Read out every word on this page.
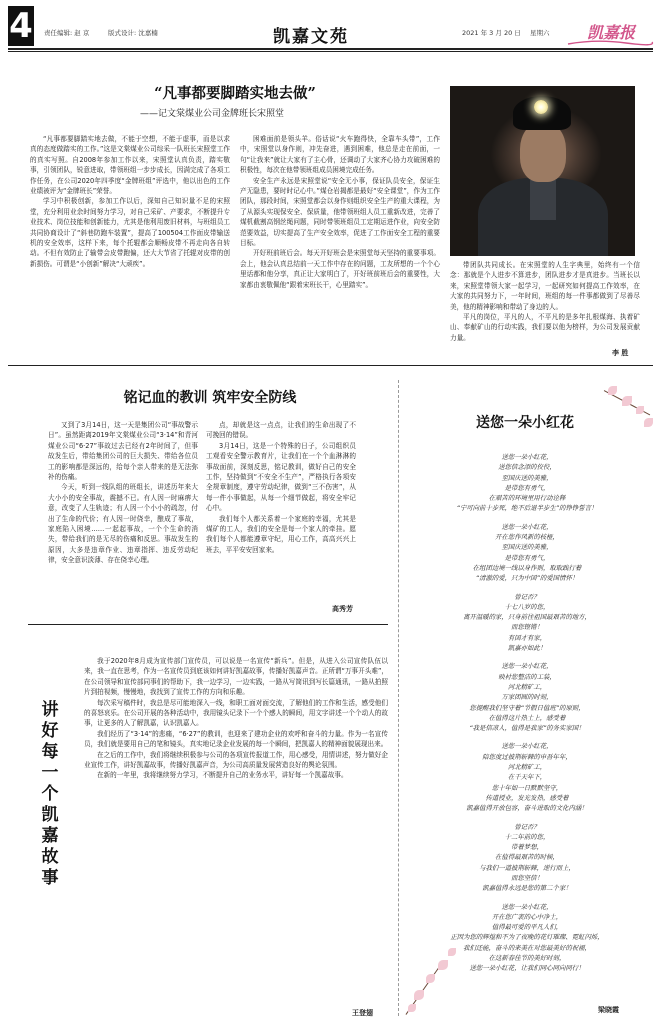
4 责任编辑: 赵 京	版式设计: 沈嘉楠	凯嘉文苑	2021 年 3 月 20 日 星期六	凯嘉报
“凡事都要脚踏实地去做”
——记文棠煤业公司金牌班长宋照堂

“凡事都要脚踏实地去做，不能于空想，不能于虚事，而是以求真的态度做踏实的工作。”这是文棠煤业公司综采一队班长宋照堂工作的真实写照。自2008年参加工作以来，宋照堂认真负责，踏实敬事，引领团队，锐意进取，带领班组一步步成长，因满完成了各项工作任务，在公司2020年四季度“金牌班组”评选中，他以出色的工作业绩被评为“金牌班长”荣誉。

学习中积极创新，参加工作以后，深知自己知识量不足的宋照堂，充分利用业余时间努力学习，对自己采矿、产要求，不断提升专业技术、岗位技能和创新能力，尤其是他利用废旧材料，与班组员工共同协商设计了“斜巷防跑车装置”，提高了100504工作面皮带输送机的安全效率，这样下来，每个托辊都会顺畅皮带不再走向各自转动。不但有效防止了输带会皮带跑偏，还大大节省了托辊对皮带的创新损伤。可谓是“小创新”解决“大顽疾”。

困难面前是领头羊。俗话说“火车跑得快，全靠车头带”，工作中，宋照堂以身作则，冲先奋进，遇到困难，他总是走在前面，一句“让我来”就让大家有了主心骨，还调动了大家齐心协力攻破困难的积极性，每次在他带领班组成员困境完成任务。

安全生产永远是宋照堂说“安全无小事，保证队员安全，保证生产无隐患，要时时记心中。”煤仓岩揭都是最好“安全课堂”，作为工作团队，那段时间，宋照堂都会以身作则组织安全生产的重大课程，为了从源头实现保安全、保质量，他带领班组人员工重新改进，完善了煤机截割高钢丝绳问题，同时带领班组员工定期运进作业，向安全防范要效益，切实提高了生产安全效率，促进了工作面安全工程的重要目标。

开好班前班后会。每天开好班会是宋照堂每天坚持的重要事项。会上，他会认真总结前一天工作中存在的问题，工友所想的一个个心里话都和他分享，真正让大家明白了，开好班前班后会的重要性，大家都由衷敬佩他“跟着宋班长干，心里踏实”。

带团队共同成长。在宋照堂的人生字典里，始终有一个信念：那就是个人进步不算进步，团队进步才是真进步。当班长以来，宋照堂带领大家一起学习，一起研究如何提高工作效率，在大家的共同努力下，一年时间，班组的每一件事都做到了尽善尽美，他的精神影响和带动了身边的人。

平凡的岗位，平凡的人，不平凡的是多年扎根煤海、执着矿山、奉献矿山的行动实践，我们要以他为榜样，为公司发展贡献力量。

李 胜
铭记血的教训 筑牢安全防线

又到了3月14日，这一天是集团公司“事故警示日”。虽然距离2019年文棠煤业公司“3·14”和青河煤业公司“6·27”事故过去已经有2年时间了，但事故发生后，带给集团公司的巨大损失、带给各位员工的影响都是深远的，给每个亲人带来的是无法弥补的伤痛。

今天，听到一线队组的班组长，讲述历年来大大小小的安全事故，震撼不已。有人因一时麻痹大意，改变了人生轨迹；有人因一个小小的疏忽，付出了生命的代价；有人因一时侥幸，酿成了事故，家庭陷入困境……一起起事故，一个个生命的消失，带给我们的是无尽的伤痛和反思。事故发生的原因，大多是违章作业、违章指挥、违反劳动纪律，安全意识淡薄、存在侥幸心理。

点，却就是这一点点，让我们的生命出现了不可挽回的错误。

3月14日，这是一个特殊的日子，公司组织员工观看安全警示教育片，让我们在一个个血淋淋的事故面前，深刻反思，铭记教训，做好自己的安全工作，坚持做到“不安全不生产”，严格执行各项安全规章制度，遵守劳动纪律，做到“三不伤害”，从每一件小事做起，从每一个细节做起，将安全牢记心中。

我们每个人都关系着一个家庭的幸福，尤其是煤矿的工人，我们的安全是每一个家人的牵挂。愿我们每个人都能遵章守纪，用心工作，高高兴兴上班去，平平安安回家来。

高秀芳
讲好每一个凯嘉故事

我于2020年8月成为宣传部门宣传员，可以说是一名宣传“新兵”。但是，从进入公司宣传队伍以来，我一直在思考，作为一名宣传员到底该如何讲好凯嘉故事，传播好凯嘉声音。正所谓“万事开头难”，在公司领导和宣传部同事们的帮助下，我一边学习，一边实践，一路从写简讯到写长篇通讯，一路从拍照片到拍视频，慢慢地，我找到了宣传工作的方向和乐趣。

每次采写稿件时，我总是尽可能地深入一线，和职工面对面交流，了解他们的工作和生活，感受他们的喜怒哀乐。在公司开展的各种活动中，我用镜头记录下一个个感人的瞬间，用文字讲述一个个动人的故事，让更多的人了解凯嘉，认识凯嘉人。

我们经历了“3·14”的悲痛，“6·27”的教训，也迎来了建功企业的欢呼和奋斗的力量。作为一名宣传员，我们就是要用自己的笔和镜头，真实地记录企业发展的每一个瞬间，把凯嘉人的精神面貌展现出来。

在之后的工作中，我们将继续积极参与公司的各项宣传报道工作，用心感受，用情讲述，努力做好企业宣传工作，讲好凯嘉故事，传播好凯嘉声音，为公司高质量发展营造良好的舆论氛围。

在新的一年里，我将继续努力学习，不断提升自己的业务水平，讲好每一个凯嘉故事。

王登翅
送您一朵小红花
送您一朵小红花，
送您信念添的佼佼，
至国庆送的美雅，
是带您有勇气，
在艰苦的环境里用行动诠释
“宁可向前十步死，绝不后退半步生”的铮铮誓言！
送您一朵小红花，
开在您作风新的枝桠，
至国庆送的美雅，
是带您有勇气，
在组团边境一线以身作则，取取践行着
“清澈的爱，只为中国”的爱国情怀！
曾记否？
十七八岁的您，
离开温暖的家，只身前往祖国最艰苦的地方，
而您铿锵！
有国才有家，
凯嘉亦如此！
送您一朵小红花，
映衬您整洁的工装，
河北精矿工，
万家团圆的时刻，
您提醒我们坚守着“节假日值班”的原则，
在值得这片热土上，感受着
“我是信凉人，值得是我家”的务实家国！
送您一朵小红花，
陪您度过披荆斩棘的申吾年年，
河北精矿工，
在千天年下，
您十年如一日默默坚守，
传道授业，发光发热，感受着
凯嘉值得开放包容，奋斗进取的文化内涵！
曾记否？
十二年前的您，
带着梦想，
在值得最艰苦的时候，
与我们一道披荆斩棘，逆行而上，
而您坚信！
凯嘉值得永远是您的第二个家！
送您一朵小红花，
开在您广袤的心中净土，
值得最可爱的平凡人们，
正因为您的辉煌和不为了夜晚的花灯璀璨、霓虹闪烁，
我们还能，奋斗的来美在对您最美好的祝福，
在这新春佳节的美好时刻，
送您一朵小红花，让我们同心同向同行！
梁晓霞
